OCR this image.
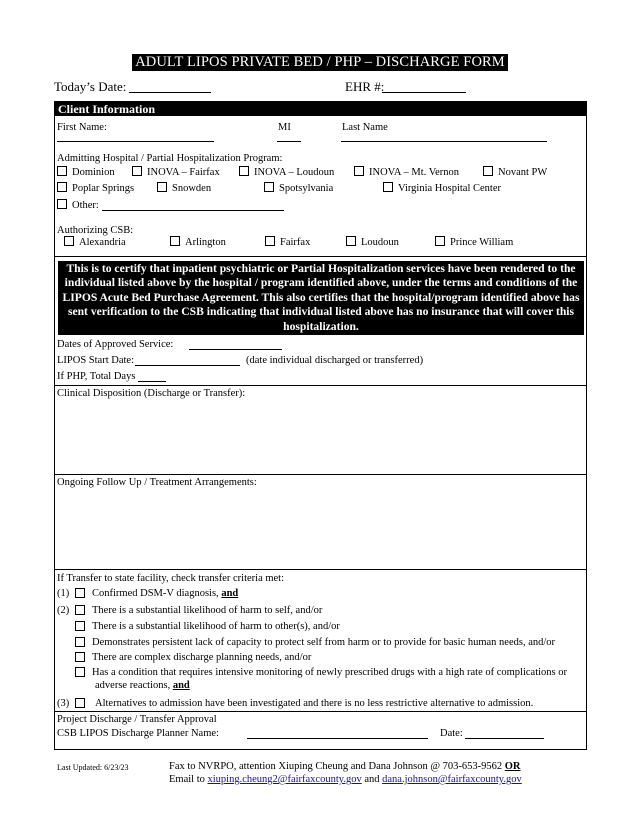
ADULT LIPOS PRIVATE BED / PHP – DISCHARGE FORM
Today’s Date:	EHR #:
Client Information
First Name:	MI	Last Name
Admitting Hospital / Partial Hospitalization Program:
Dominion	INOVA – Fairfax	INOVA – Loudoun	INOVA – Mt. Vernon	Novant PW
Poplar Springs	Snowden	Spotsylvania	Virginia Hospital Center
Other:
Authorizing CSB:
Alexandria	Arlington	Fairfax	Loudoun	Prince William
This is to certify that inpatient psychiatric or Partial Hospitalization services have been rendered to the individual listed above by the hospital / program identified above, under the terms and conditions of the LIPOS Acute Bed Purchase Agreement. This also certifies that the hospital/program identified above has sent verification to the CSB indicating that individual listed above has no insurance that will cover this hospitalization.
Dates of Approved Service:
LIPOS Start Date:	(date individual discharged or transferred)
If PHP, Total Days
Clinical Disposition (Discharge or Transfer):
Ongoing Follow Up / Treatment Arrangements:
If Transfer to state facility, check transfer criteria met:
(1) Confirmed DSM-V diagnosis, and
(2) There is a substantial likelihood of harm to self, and/or
There is a substantial likelihood of harm to other(s), and/or
Demonstrates persistent lack of capacity to protect self from harm or to provide for basic human needs, and/or
There are complex discharge planning needs, and/or
Has a condition that requires intensive monitoring of newly prescribed drugs with a high rate of complications or
adverse reactions, and
(3) Alternatives to admission have been investigated and there is no less restrictive alternative to admission.
Project Discharge / Transfer Approval
CSB LIPOS Discharge Planner Name:	Date:
Last Updated: 6/23/23	Fax to NVRPO, attention Xiuping Cheung and Dana Johnson @ 703-653-9562 OR
Email to xiuping.cheung2@fairfaxcounty.gov and dana.johnson@fairfaxcounty.gov
